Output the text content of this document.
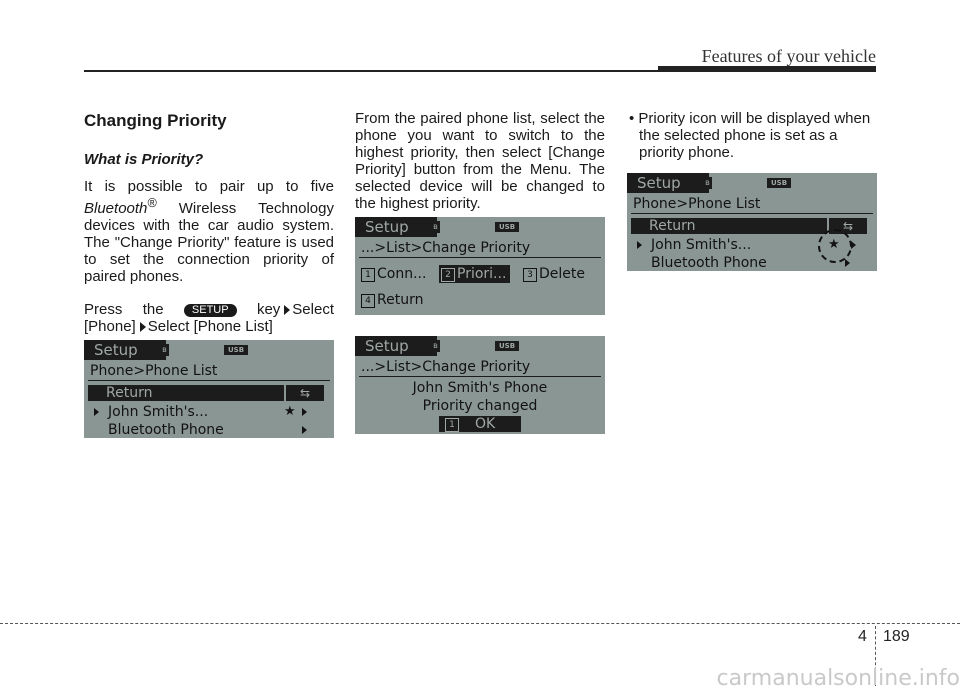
Features of your vehicle
Changing Priority
What is Priority?

It is possible to pair up to five Bluetooth® Wireless Technology devices with the car audio system. The "Change Priority" feature is used to set the connection priority of paired phones.

Press the	SETUP key Select [Phone] Select [Phone List]

From the paired phone list, select the phone you want to switch to the highest priority, then select [Change Priority] button from the Menu. The selected device will be changed to the highest priority.

• Priority icon will be displayed when the selected phone is set as a priority phone.

Setup	ʙ	USB
Phone>Phone List
Return	⇆
John Smith's...	★
Bluetooth Phone
Setup	ʙ	USB
...>List>Change Priority
1 Conn...	2 Priori...	3 Delete
4 Return
Setup	ʙ	USB
...>List>Change Priority
John Smith's Phone
Priority changed
1 OK
Setup	ʙ	USB
Phone>Phone List
Return	⇆
John Smith's...	★
Bluetooth Phone
4 189
carmanualsonline.info
